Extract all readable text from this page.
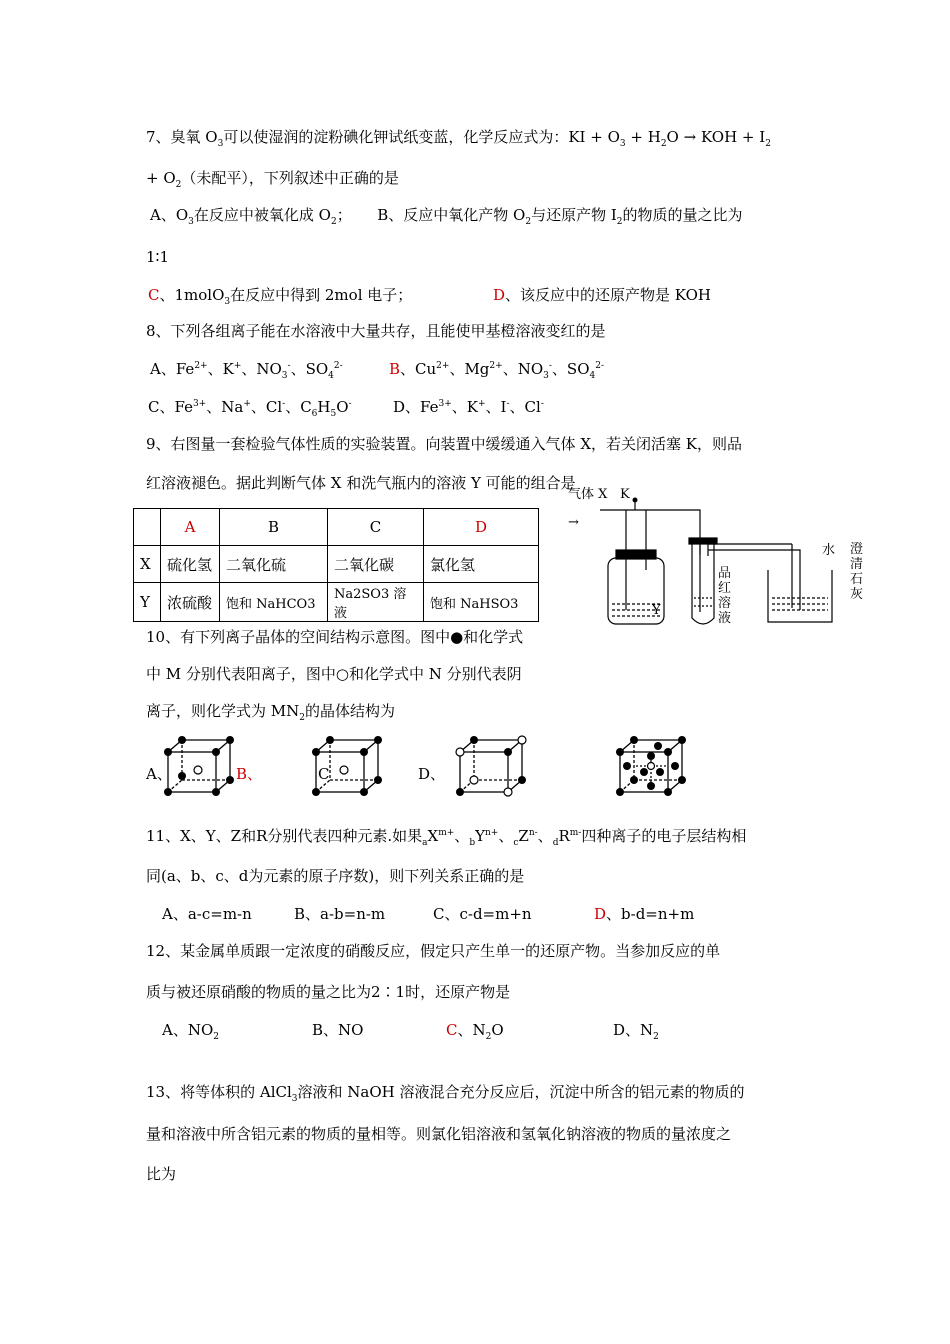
7、臭氧 $O_3$可以使湿润的淀粉碘化钾试纸变蓝，化学反应式为：KI + $O_3 + H_2O$ → KOH + $I_2$
+ $O_2$（未配平），下列叙述中正确的是
A、$O_3$在反应中被氧化成 $O_2$； B、反应中氧化产物 $O_2$与还原产物 $I_2$的物质的量之比为
1∶1
C、1molO$_3$在反应中得到 2mol 电子；	D、该反应中的还原产物是 KOH
8、下列各组离子能在水溶液中大量共存，且能使甲基橙溶液变红的是
A、$Fe^{2+}$、K+、$NO_3^-$、$SO_4^{2-}$	B、$Cu^{2+}$、$Mg^{2+}$、$NO_3^-$、$SO_4^{2-}$
C、$Fe^{3+}$、Na+、Cl-、$C_6H_5O^-$	D、$Fe^{3+}$、K+、I-、Cl-
9、右图量一套检验气体性质的实验装置。向装置中缓缓通入气体 X，若关闭活塞 K，则品
红溶液褪色。据此判断气体 X 和洗气瓶内的溶液 Y 可能的组合是
	A	B	C	D
X	硫化氢	二氧化硫	二氧化碳	氯化氢
Y	浓硫酸	饱和 NaHCO3	Na2SO3 溶液	饱和 NaHSO3
气体 X K
→
Y
品红溶液
水 澄清石灰
10、有下列离子晶体的空间结构示意图。图中●和化学式
中 M 分别代表阳离子，图中○和化学式中 N 分别代表阴
离子，则化学式为 $MN_2$的晶体结构为
A、	B、	D、
C
11、X、Y、Z和R分别代表四种元素.如果$_aX^{m+}$、$_bY^{n+}$、$_cZ^{n-}$、$_dR^{m-}$四种离子的电子层结构相
同(a、b、c、d为元素的原子序数)，则下列关系正确的是
A、a-c=m-n	B、a-b=n-m	C、c-d=m+n	D、b-d=n+m
12、某金属单质跟一定浓度的硝酸反应，假定只产生单一的还原产物。当参加反应的单
质与被还原硝酸的物质的量之比为2∶1时，还原产物是
A、$NO_2$	B、NO	C、$N_2O$	D、$N_2$
13、将等体积的 AlCl$_3$溶液和 NaOH 溶液混合充分反应后，沉淀中所含的铝元素的物质的
量和溶液中所含铝元素的物质的量相等。则氯化铝溶液和氢氧化钠溶液的物质的量浓度之
比为
